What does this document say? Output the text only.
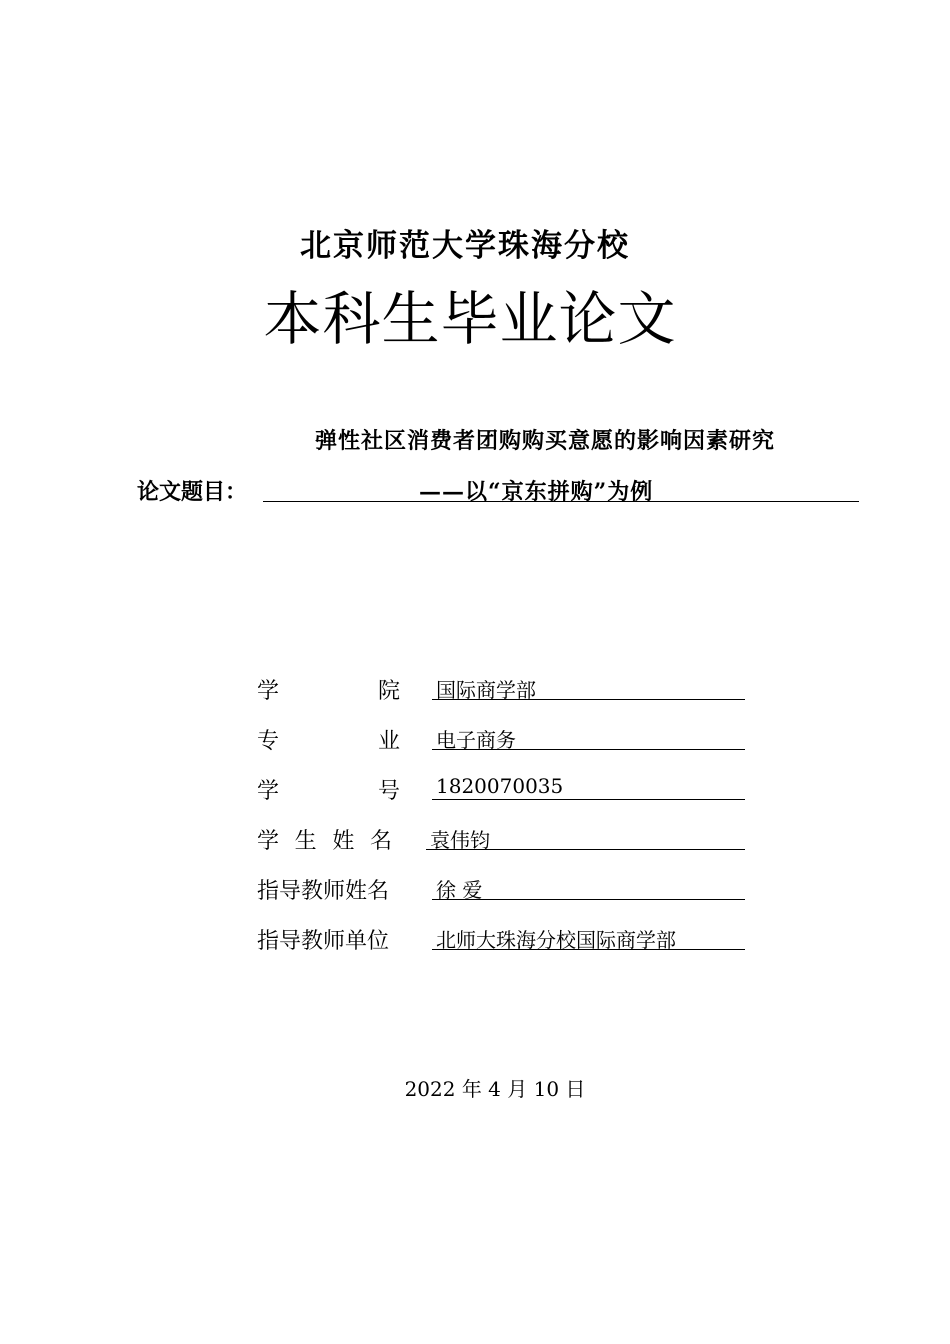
北京师范大学珠海分校
本科生毕业论文
弹性社区消费者团购购买意愿的影响因素研究
论文题目：	——以“京东拼购”为例
学	院 国际商学部
专	业 电子商务
学	号 1820070035
学 生 姓 名 袁伟钧
指导教师姓名	徐 爱
指导教师单位	北师大珠海分校国际商学部
2022 年 4 月 10 日
